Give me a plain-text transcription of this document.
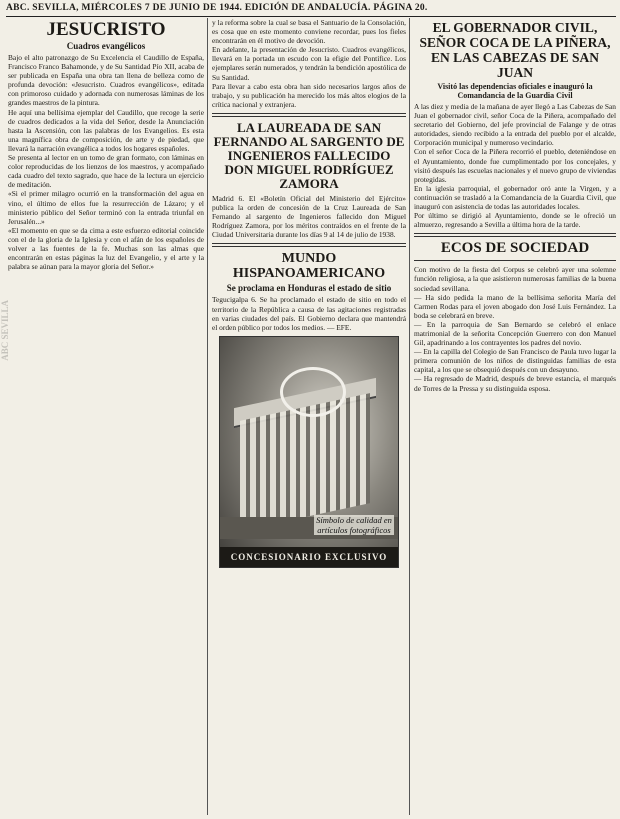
ABC. SEVILLA, MIÉRCOLES 7 DE JUNIO DE 1944. EDICIÓN DE ANDALUCÍA. PÁGINA 20.
ABC SEVILLA
JESUCRISTO
Cuadros evangélicos

Bajo el alto patronazgo de Su Excelencia el Caudillo de España, Francisco Franco Bahamonde, y de Su Santidad Pío XII, acaba de ser publicada en España una obra tan llena de belleza como de profunda devoción: «Jesucristo. Cuadros evangélicos», editada con primoroso cuidado y adornada con numerosas láminas de los grandes maestros de la pintura.

He aquí una bellísima ejemplar del Caudillo, que recoge la serie de cuadros dedicados a la vida del Señor, desde la Anunciación hasta la Ascensión, con las palabras de los Evangelios. Es esta una magnífica obra de composición, de arte y de piedad, que llevará la narración evangélica a todos los hogares españoles.

Se presenta al lector en un tomo de gran formato, con láminas en color reproducidas de los lienzos de los maestros, y acompañado cada cuadro del texto sagrado, que hace de la lectura un ejercicio de meditación.

«Si el primer milagro ocurrió en la transformación del agua en vino, el último de ellos fue la resurrección de Lázaro; y el ministerio público del Señor terminó con la entrada triunfal en Jerusalén...»

«El momento en que se da cima a este esfuerzo editorial coincide con el de la gloria de la Iglesia y con el afán de los españoles de volver a las fuentes de la fe. Muchas son las almas que encontrarán en estas páginas la luz del Evangelio, y el arte y la palabra se aúnan para la mayor gloria del Señor.»

y la reforma sobre la cual se basa el Santuario de la Consolación, es cosa que en este momento conviene recordar, pues los fieles encontrarán en él motivo de devoción.

En adelante, la presentación de Jesucristo. Cuadros evangélicos, llevará en la portada un escudo con la efigie del Pontífice. Los ejemplares serán numerados, y tendrán la bendición apostólica de Su Santidad.

Para llevar a cabo esta obra han sido necesarios largos años de trabajo, y su publicación ha merecido los más altos elogios de la crítica nacional y extranjera.

LA LAUREADA DE SAN FERNANDO AL SARGENTO DE INGENIEROS FALLECIDO DON MIGUEL RODRÍGUEZ ZAMORA

Madrid 6. El «Boletín Oficial del Ministerio del Ejército» publica la orden de concesión de la Cruz Laureada de San Fernando al sargento de Ingenieros fallecido don Miguel Rodríguez Zamora, por los méritos contraídos en el frente de la Ciudad Universitaria durante los días 9 al 14 de julio de 1938.

MUNDO HISPANOAMERICANO
Se proclama en Honduras el estado de sitio

Tegucigalpa 6. Se ha proclamado el estado de sitio en todo el territorio de la República a causa de las agitaciones registradas en varias ciudades del país. El Gobierno declara que mantendrá el orden público por todos los medios. — EFE.

Símbolo de calidad en artículos fotográficos
CONCESIONARIO EXCLUSIVO
EL GOBERNADOR CIVIL, SEÑOR COCA DE LA PIÑERA, EN LAS CABEZAS DE SAN JUAN
Visitó las dependencias oficiales e inauguró la Comandancia de la Guardia Civil

A las diez y media de la mañana de ayer llegó a Las Cabezas de San Juan el gobernador civil, señor Coca de la Piñera, acompañado del secretario del Gobierno, del jefe provincial de Falange y de otras autoridades, siendo recibido a la entrada del pueblo por el alcalde, Corporación municipal y numeroso vecindario.

Con el señor Coca de la Piñera recorrió el pueblo, deteniéndose en el Ayuntamiento, donde fue cumplimentado por los concejales, y visitó después las escuelas nacionales y el nuevo grupo de viviendas protegidas.

En la iglesia parroquial, el gobernador oró ante la Virgen, y a continuación se trasladó a la Comandancia de la Guardia Civil, que inauguró con asistencia de todas las autoridades locales.

Por último se dirigió al Ayuntamiento, donde se le ofreció un almuerzo, regresando a Sevilla a última hora de la tarde.

ECOS DE SOCIEDAD

Con motivo de la fiesta del Corpus se celebró ayer una solemne función religiosa, a la que asistieron numerosas familias de la buena sociedad sevillana.

— Ha sido pedida la mano de la bellísima señorita María del Carmen Rodas para el joven abogado don José Luis Fernández. La boda se celebrará en breve.

— En la parroquia de San Bernardo se celebró el enlace matrimonial de la señorita Concepción Guerrero con don Manuel Gil, apadrinando a los contrayentes los padres del novio.

— En la capilla del Colegio de San Francisco de Paula tuvo lugar la primera comunión de los niños de distinguidas familias de esta capital, a los que se obsequió después con un desayuno.

— Ha regresado de Madrid, después de breve estancia, el marqués de Torres de la Pressa y su distinguida esposa.
